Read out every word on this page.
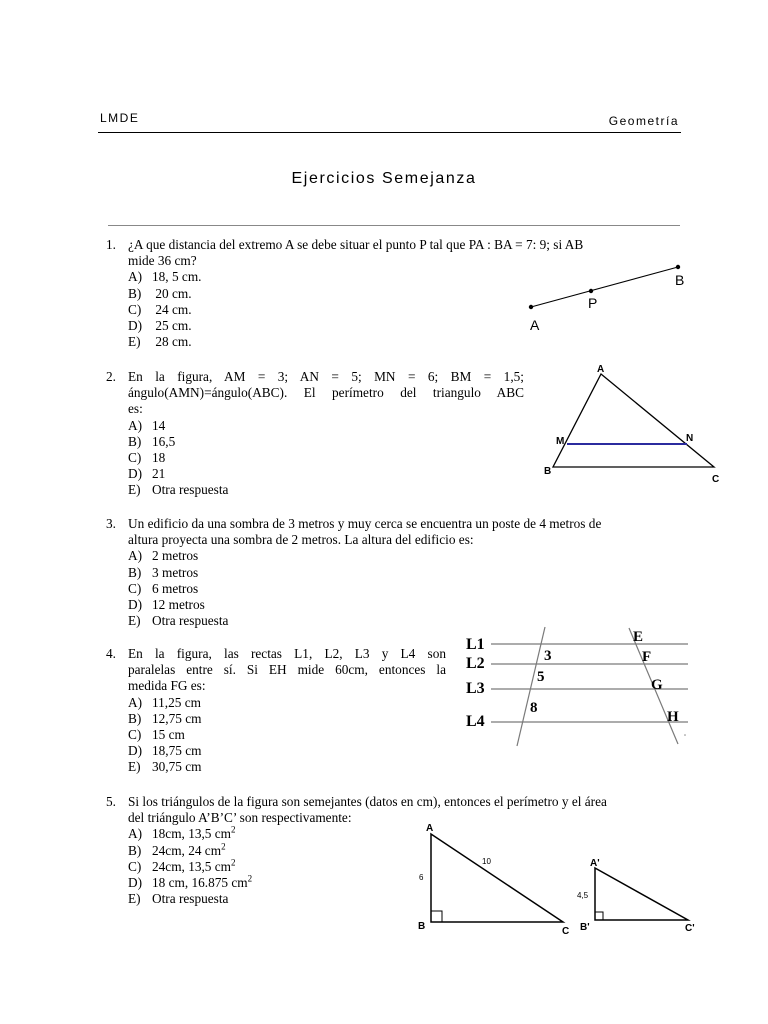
LMDE	Geometría
Ejercicios Semejanza
1. ¿A que distancia del extremo A se debe situar el punto P tal que PA : BA = 7: 9; si AB
mide 36 cm?
A) 18, 5 cm.
B) 20 cm.
C) 24 cm.
D) 25 cm.
E) 28 cm.
A
P
B
2. En la figura, AM = 3; AN = 5; MN = 6; BM = 1,5;
ángulo(AMN)=ángulo(ABC). El perímetro del triangulo ABC
es:
A) 14
B) 16,5
C) 18
D) 21
E) Otra respuesta
A
M	N
B
C
3. Un edificio da una sombra de 3 metros y muy cerca se encuentra un poste de 4 metros de
altura proyecta una sombra de 2 metros. La altura del edificio es:
A) 2 metros
B) 3 metros
C) 6 metros
D) 12 metros
E) Otra respuesta
4. En la figura, las rectas L1, L2, L3 y L4 son
paralelas entre sí. Si EH mide 60cm, entonces la
medida FG es:
A) 11,25 cm
B) 12,75 cm
C) 15 cm
D) 18,75 cm
E) 30,75 cm
L1
L2
L3
L4
3
5
8
E
F
G
H
5. Si los triángulos de la figura son semejantes (datos en cm), entonces el perímetro y el área
del triángulo A’B’C’ son respectivamente:
A) 18cm, 13,5 $cm^2$
B) 24cm, 24 $cm^2$
C) 24cm, 13,5 $cm^2$
D) 18 cm, 16.875 $cm^2$
E) Otra respuesta
A
B	C
6
10	A'
B'	C'
4,5
